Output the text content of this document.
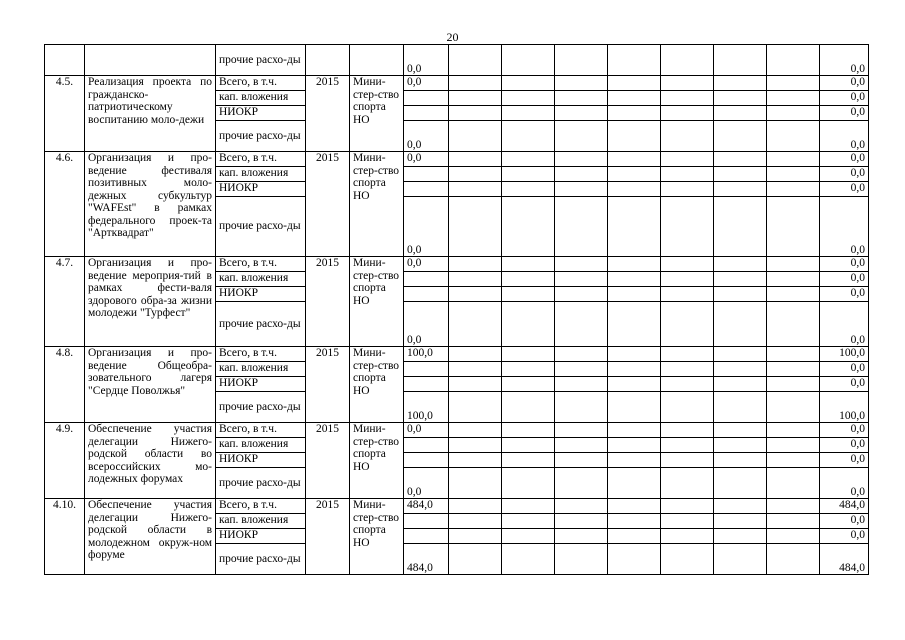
20
		прочие расхо-ды			0,0								0,0
4.5.	Реализация проекта по гражданско-патриотическому воспитанию моло-дежи	Всего, в т.ч.	2015	Мини-стер-ство спорта НО	0,0								0,0
		кап. вложения											0,0
		НИОКР											0,0
		прочие расхо-ды			0,0								0,0
4.6.	Организация и про-ведение фестиваля позитивных моло-дежных субкультур "WAFEst" в рамках федерального проек-та "Артквадрат"	Всего, в т.ч.	2015	Мини-стер-ство спорта НО	0,0								0,0
		кап. вложения											0,0
		НИОКР											0,0
		прочие расхо-ды			0,0								0,0
4.7.	Организация и про-ведение мероприя-тий в рамках фести-валя здорового обра-за жизни молодежи "Турфест"	Всего, в т.ч.	2015	Мини-стер-ство спорта НО	0,0								0,0
		кап. вложения											0,0
		НИОКР											0,0
		прочие расхо-ды			0,0								0,0
4.8.	Организация и про-ведение Общеобра-зовательного лагеря "Сердце Поволжья"	Всего, в т.ч.	2015	Мини-стер-ство спорта НО	100,0								100,0
		кап. вложения											0,0
		НИОКР											0,0
		прочие расхо-ды			100,0								100,0
4.9.	Обеспечение участия делегации Нижего-родской области во всероссийских мо-лодежных форумах	Всего, в т.ч.	2015	Мини-стер-ство спорта НО	0,0								0,0
		кап. вложения											0,0
		НИОКР											0,0
		прочие расхо-ды			0,0								0,0
4.10.	Обеспечение участия делегации Нижего-родской области в молодежном окруж-ном форуме	Всего, в т.ч.	2015	Мини-стер-ство спорта НО	484,0								484,0
		кап. вложения											0,0
		НИОКР											0,0
		прочие расхо-ды			484,0								484,0
